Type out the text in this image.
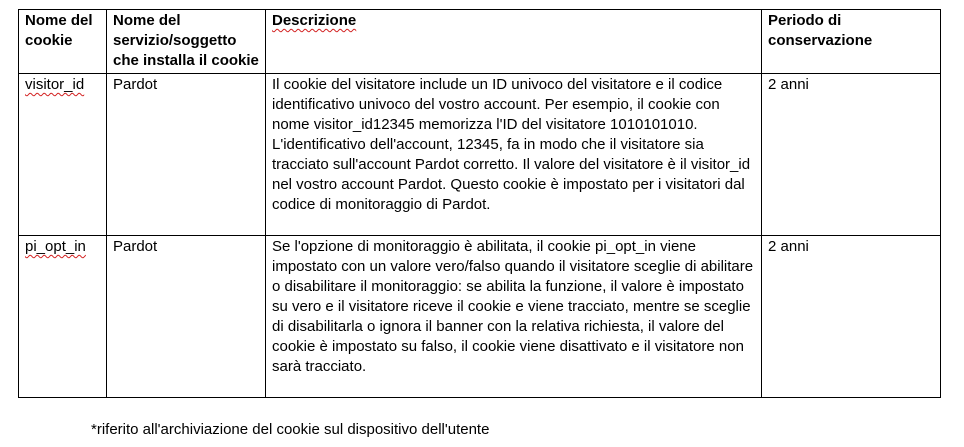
Nome del cookie	Nome del servizio/soggetto che installa il cookie	Descrizione	Periodo di conservazione
visitor_id	Pardot	Il cookie del visitatore include un ID univoco del visitatore e il codice identificativo univoco del vostro account. Per esempio, il cookie con nome visitor_id12345 memorizza l'ID del visitatore 1010101010. L'identificativo dell'account, 12345, fa in modo che il visitatore sia tracciato sull'account Pardot corretto. Il valore del visitatore è il visitor_id nel vostro account Pardot. Questo cookie è impostato per i visitatori dal codice di monitoraggio di Pardot.	2 anni
pi_opt_in	Pardot	Se l'opzione di monitoraggio è abilitata, il cookie pi_opt_in viene impostato con un valore vero/falso quando il visitatore sceglie di abilitare o disabilitare il monitoraggio: se abilita la funzione, il valore è impostato su vero e il visitatore riceve il cookie e viene tracciato, mentre se sceglie di disabilitarla o ignora il banner con la relativa richiesta, il valore del cookie è impostato su falso, il cookie viene disattivato e il visitatore non sarà tracciato.	2 anni
*riferito all'archiviazione del cookie sul dispositivo dell'utente
